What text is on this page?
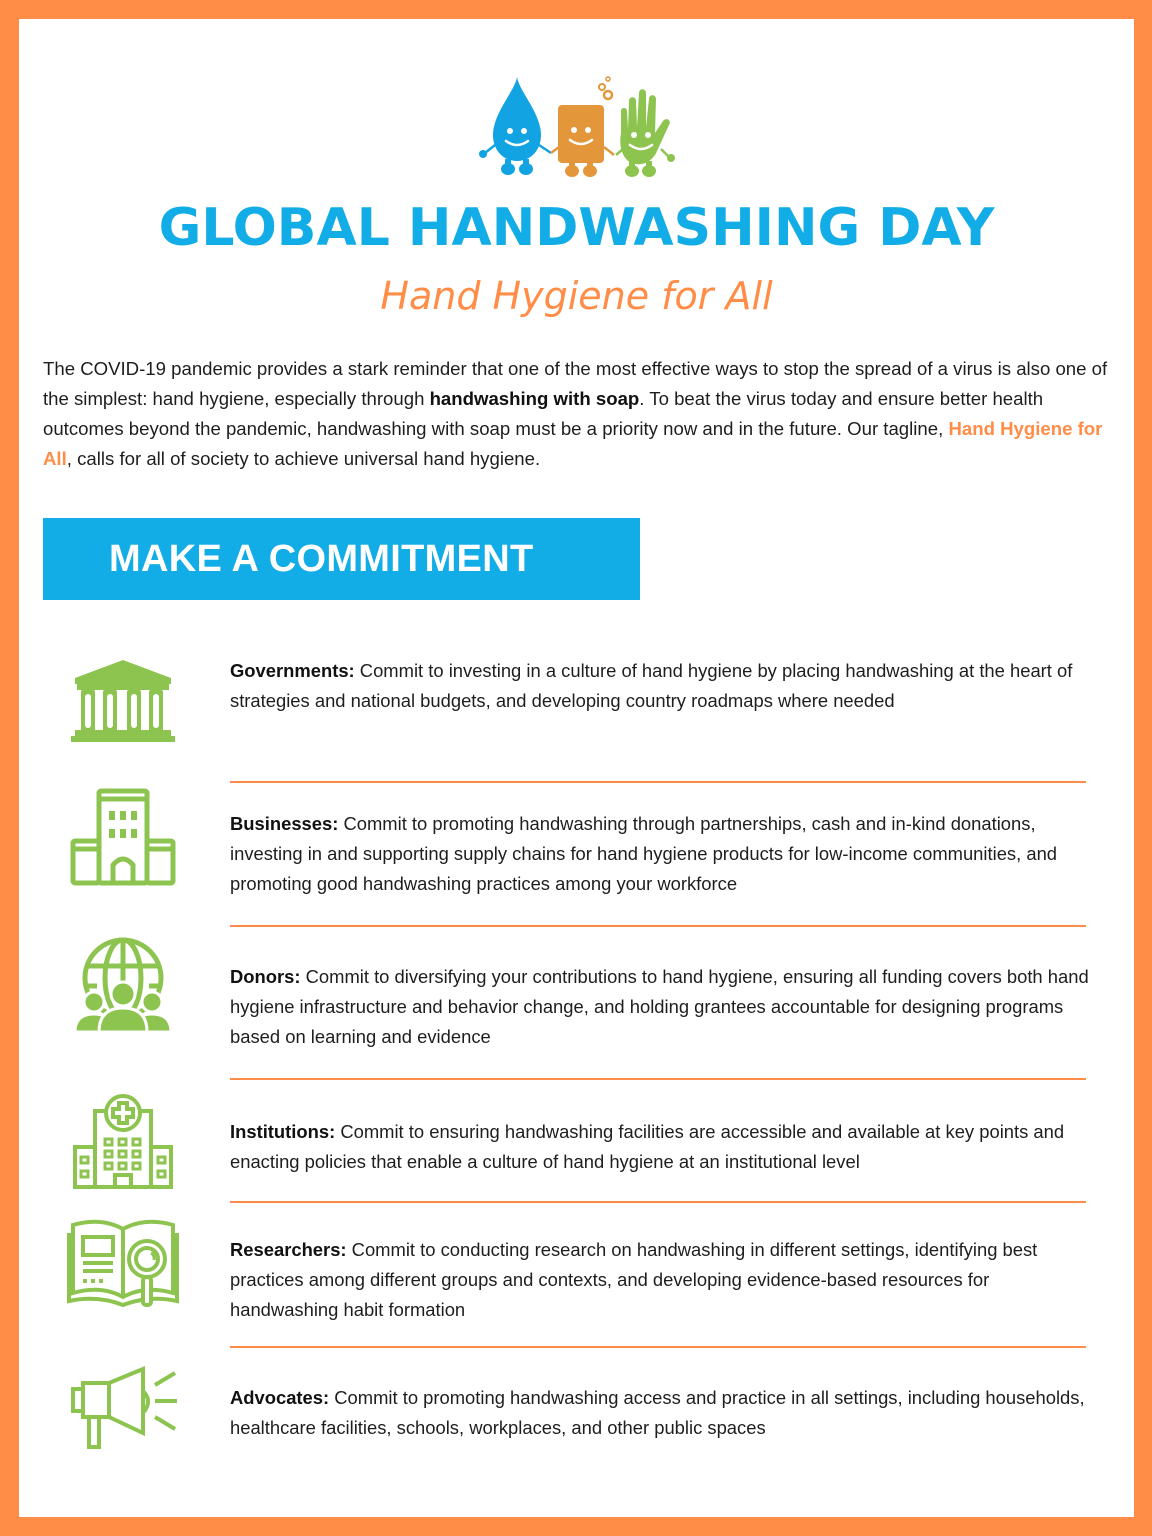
GLOBAL HANDWASHING DAY
Hand Hygiene for All

The COVID-19 pandemic provides a stark reminder that one of the most effective ways to stop the spread of a virus is also one of the simplest: hand hygiene, especially through handwashing with soap. To beat the virus today and ensure better health outcomes beyond the pandemic, handwashing with soap must be a priority now and in the future. Our tagline, Hand Hygiene for All, calls for all of society to achieve universal hand hygiene.

MAKE A COMMITMENT
Governments: Commit to investing in a culture of hand hygiene by placing handwashing at the heart of strategies and national budgets, and developing country roadmaps where needed
Businesses: Commit to promoting handwashing through partnerships, cash and in-kind donations, investing in and supporting supply chains for hand hygiene products for low-income communities, and promoting good handwashing practices among your workforce
Donors: Commit to diversifying your contributions to hand hygiene, ensuring all funding covers both hand hygiene infrastructure and behavior change, and holding grantees accountable for designing programs based on learning and evidence
Institutions: Commit to ensuring handwashing facilities are accessible and available at key points and enacting policies that enable a culture of hand hygiene at an institutional level
Researchers: Commit to conducting research on handwashing in different settings, identifying best practices among different groups and contexts, and developing evidence-based resources for handwashing habit formation
Advocates: Commit to promoting handwashing access and practice in all settings, including households, healthcare facilities, schools, workplaces, and other public spaces
